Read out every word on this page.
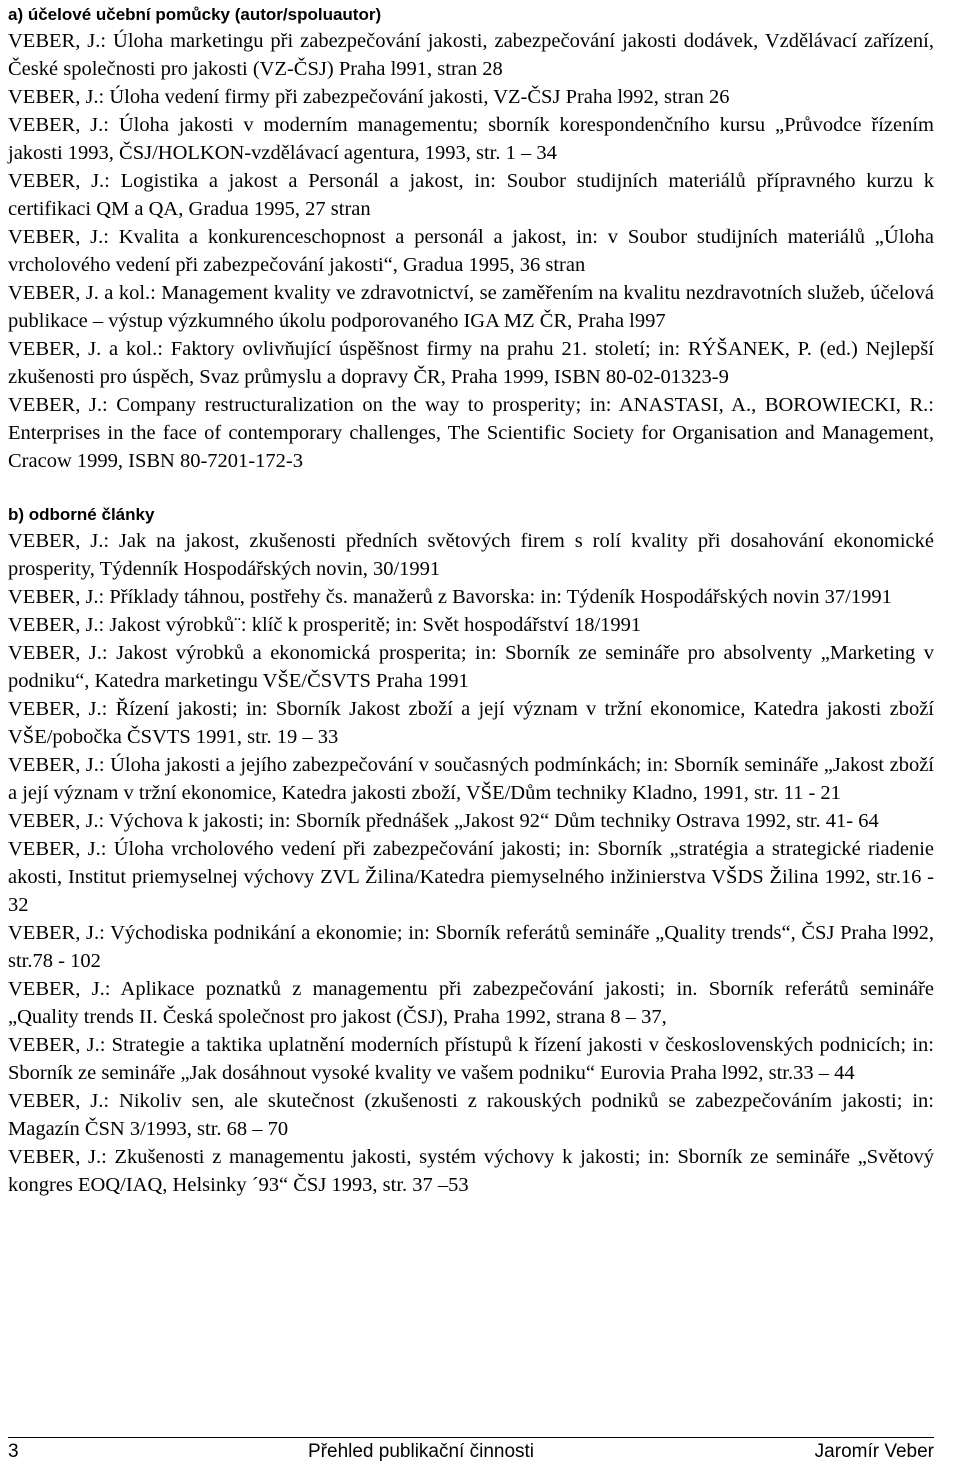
a) účelové učební pomůcky (autor/spoluautor)

VEBER, J.: Úloha marketingu při zabezpečování jakosti, zabezpečování jakosti dodávek, Vzdělávací zařízení, České společnosti pro jakosti (VZ-ČSJ) Praha l991, stran 28

VEBER, J.: Úloha vedení firmy při zabezpečování jakosti, VZ-ČSJ Praha l992, stran 26

VEBER, J.: Úloha jakosti v moderním managementu; sborník korespondenčního kursu „Průvodce řízením jakosti 1993, ČSJ/HOLKON-vzdělávací agentura, 1993, str. 1 – 34

VEBER, J.: Logistika a jakost a Personál a jakost, in: Soubor studijních materiálů přípravného kurzu k certifikaci QM a QA, Gradua 1995, 27 stran

VEBER, J.: Kvalita a konkurenceschopnost a personál a jakost, in: v Soubor studijních materiálů „Úloha vrcholového vedení při zabezpečování jakosti“, Gradua 1995, 36 stran

VEBER, J. a kol.: Management kvality ve zdravotnictví, se zaměřením na kvalitu nezdravotních služeb, účelová publikace – výstup výzkumného úkolu podporovaného IGA MZ ČR, Praha l997

VEBER, J. a kol.: Faktory ovlivňující úspěšnost firmy na prahu 21. století; in: RÝŠANEK, P. (ed.) Nejlepší zkušenosti pro úspěch, Svaz průmyslu a dopravy ČR, Praha 1999, ISBN 80-02-01323-9

VEBER, J.: Company restructuralization on the way to prosperity; in: ANASTASI, A., BOROWIECKI, R.: Enterprises in the face of contemporary challenges, The Scientific Society for Organisation and Management, Cracow 1999, ISBN 80-7201-172-3

b) odborné články

VEBER, J.: Jak na jakost, zkušenosti předních světových firem s rolí kvality při dosahování ekonomické prosperity, Týdenník Hospodářských novin, 30/1991

VEBER, J.: Příklady táhnou, postřehy čs. manažerů z Bavorska: in: Týdeník Hospodářských novin 37/1991

VEBER, J.: Jakost výrobků¨: klíč k prosperitě; in: Svět hospodářství 18/1991

VEBER, J.: Jakost výrobků a ekonomická prosperita; in: Sborník ze semináře pro absolventy „Marketing v podniku“, Katedra marketingu VŠE/ČSVTS Praha 1991

VEBER, J.: Řízení jakosti; in: Sborník Jakost zboží a její význam v tržní ekonomice, Katedra jakosti zboží VŠE/pobočka ČSVTS 1991, str. 19 – 33

VEBER, J.: Úloha jakosti a jejího zabezpečování v současných podmínkách; in: Sborník semináře „Jakost zboží a její význam v tržní ekonomice, Katedra jakosti zboží, VŠE/Dům techniky Kladno, 1991, str. 11 - 21

VEBER, J.: Výchova k jakosti; in: Sborník přednášek „Jakost 92“ Dům techniky Ostrava 1992, str. 41- 64

VEBER, J.: Úloha vrcholového vedení při zabezpečování jakosti; in: Sborník „stratégia a strategické riadenie akosti, Institut priemyselnej výchovy ZVL Žilina/Katedra piemyselného inžinierstva VŠDS Žilina 1992, str.16 - 32

VEBER, J.: Východiska podnikání a ekonomie; in: Sborník referátů semináře „Quality trends“, ČSJ Praha l992, str.78 - 102

VEBER, J.: Aplikace poznatků z managementu při zabezpečování jakosti; in. Sborník referátů semináře „Quality trends II. Česká společnost pro jakost (ČSJ), Praha 1992, strana 8 – 37,

VEBER, J.: Strategie a taktika uplatnění moderních přístupů k řízení jakosti v československých podnicích; in: Sborník ze semináře „Jak dosáhnout vysoké kvality ve vašem podniku“ Eurovia Praha l992, str.33 – 44

VEBER, J.: Nikoliv sen, ale skutečnost (zkušenosti z rakouských podniků se zabezpečováním jakosti; in: Magazín ČSN 3/1993, str. 68 – 70

VEBER, J.: Zkušenosti z managementu jakosti, systém výchovy k jakosti; in: Sborník ze semináře „Světový kongres EOQ/IAQ, Helsinky ´93“ ČSJ 1993, str. 37 –53

3	Přehled publikační činnosti	Jaromír Veber
